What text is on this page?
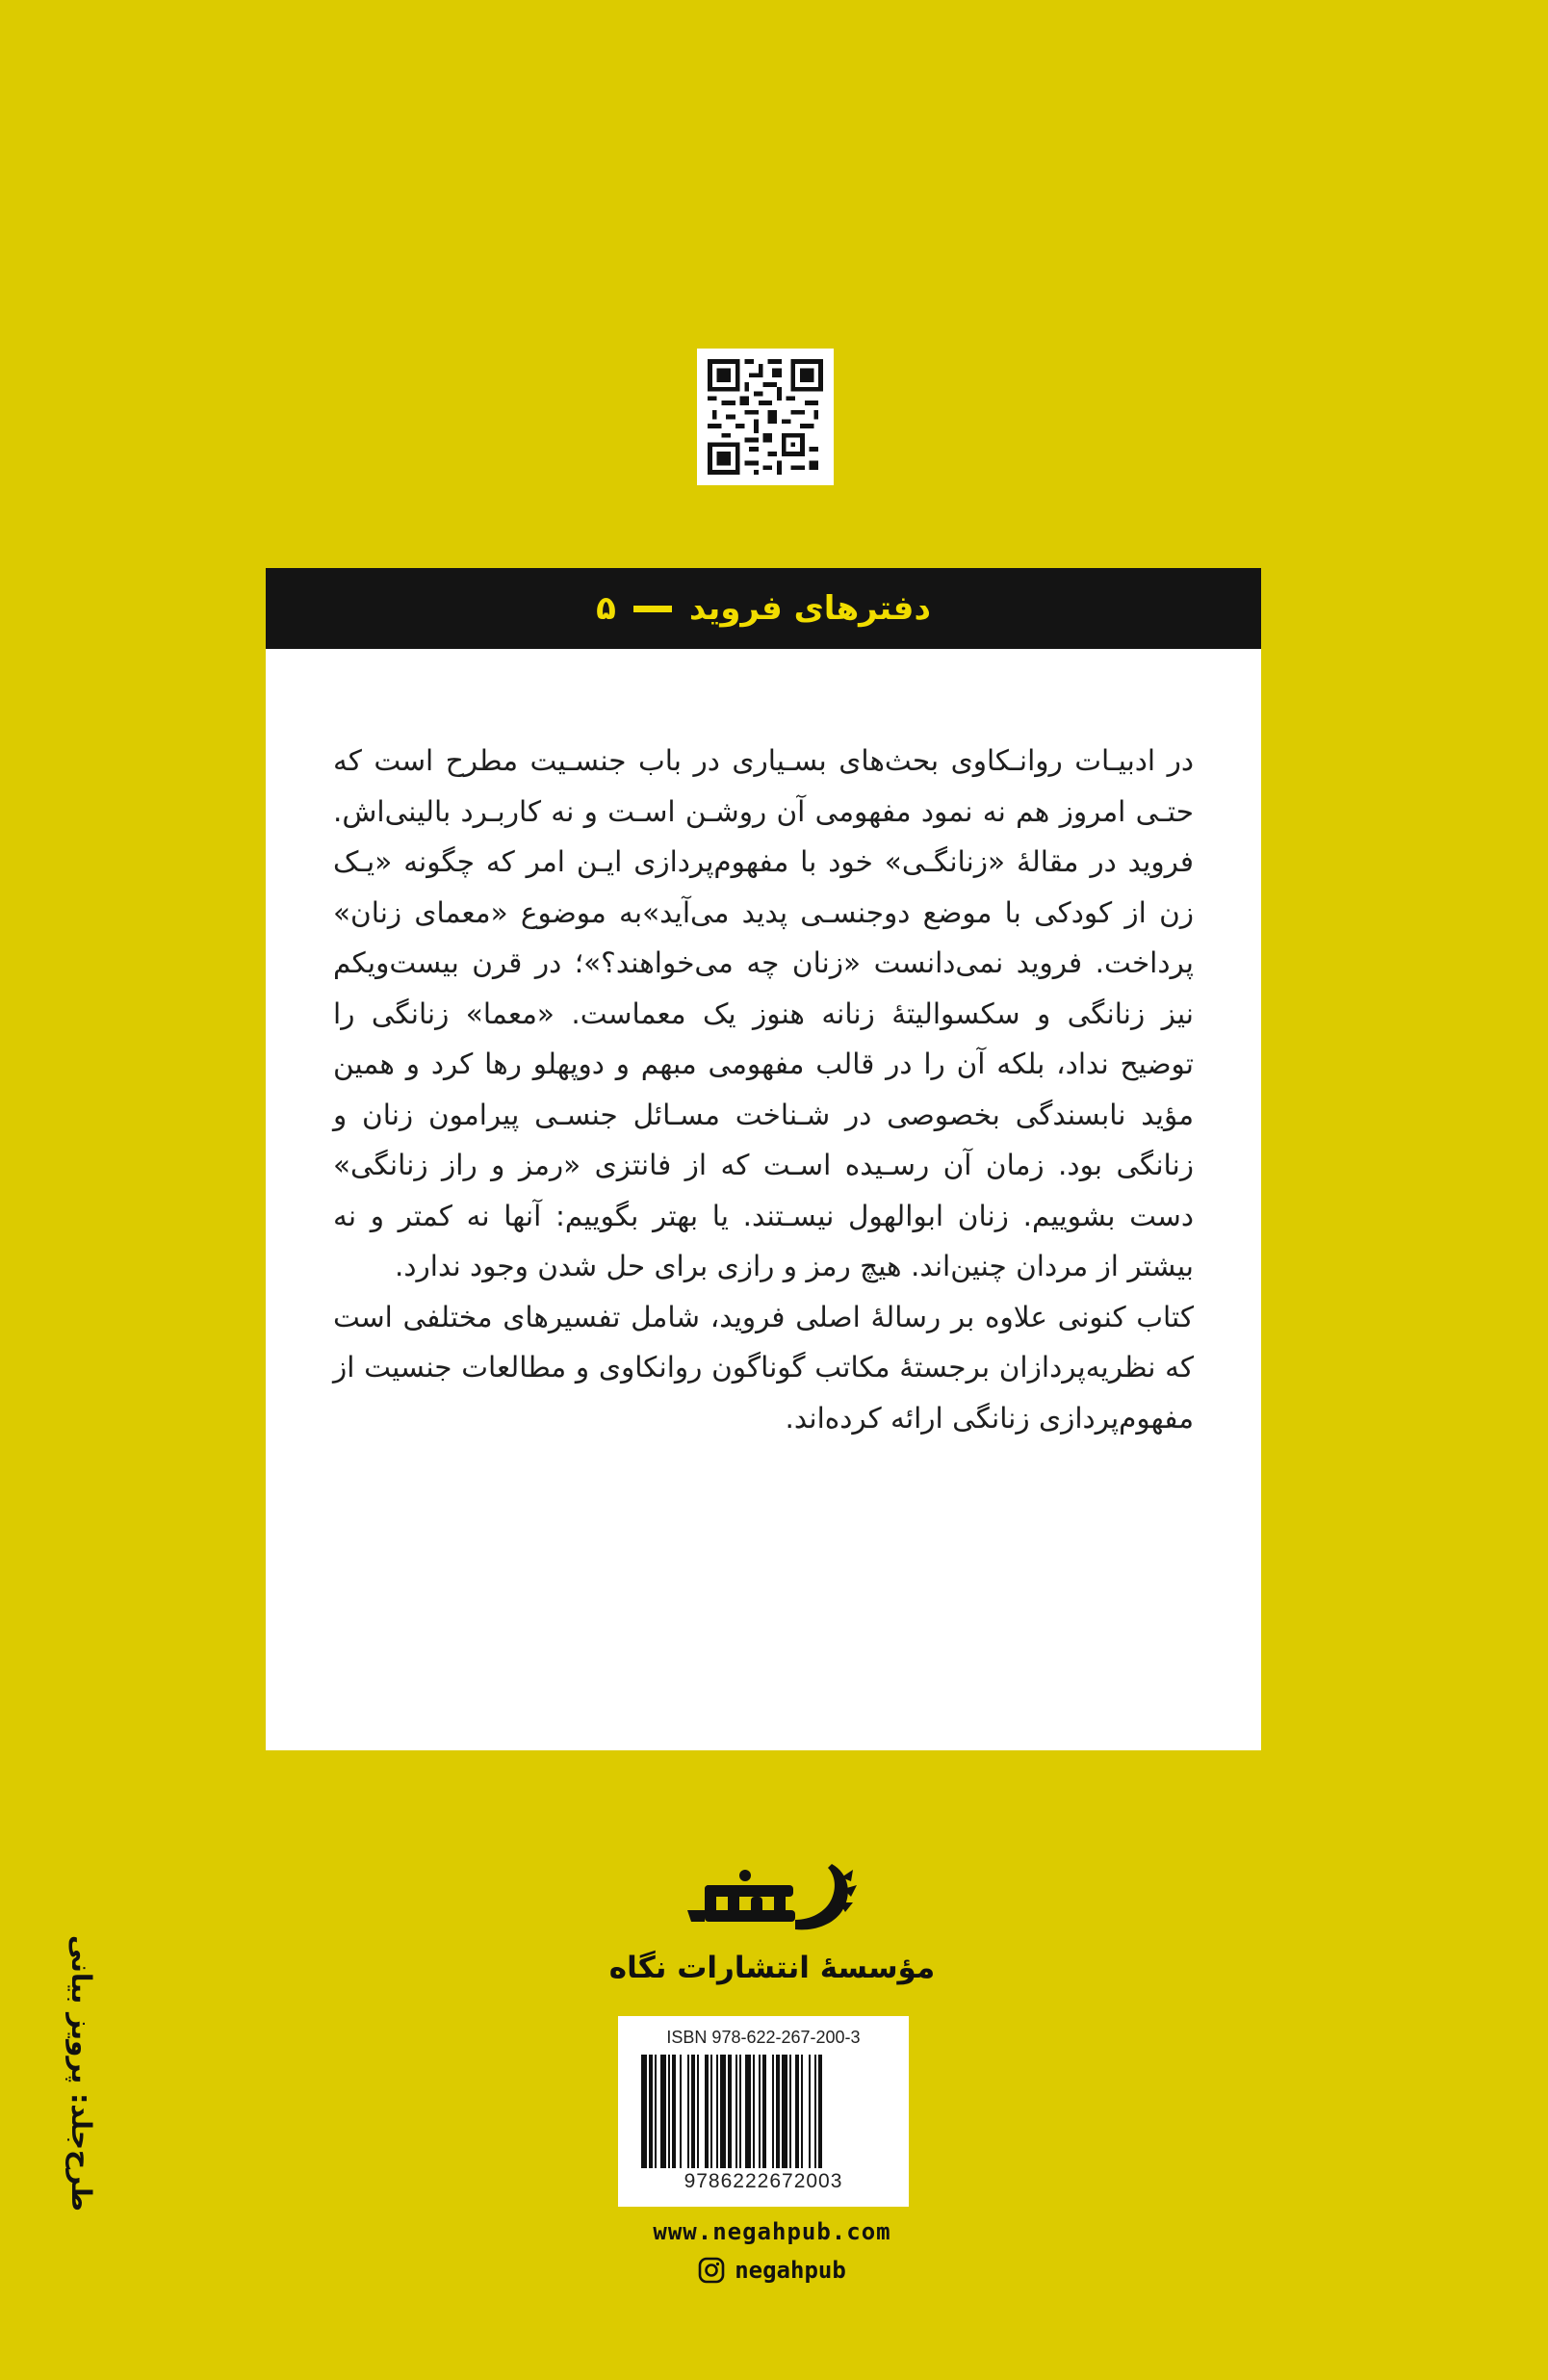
دفترهای فروید
۵

در ادبیـات روانـکاوی بحث‌های بسـیاری در باب جنسـیت مطرح است که حتـی امروز هم نه نمود مفهومی آن روشـن اسـت و نه کاربـرد بالینی‌اش. فروید در مقالهٔ «زنانگـی» خود با مفهوم‌پردازی ایـن امر که چگونه «یـک زن از کودکی با موضع دوجنسـی پدید می‌آید»به موضوع «معمای زنان» پرداخت. فروید نمی‌دانست «زنان چه می‌خواهند؟»؛ در قرن بیست‌ویکم نیز زنانگی و سکسوالیتهٔ زنانه هنوز یک معماست. «معما» زنانگی را توضیح نداد، بلکه آن را در قالب مفهومی مبهم و دوپهلو رها کرد و همین مؤید نابسندگی بخصوصی در شـناخت مسـائل جنسـی پیرامون زنان و زنانگی بود. زمان آن رسـیده اسـت که از فانتزی «رمز و راز زنانگی» دست بشوییم. زنان ابوالهول نیسـتند. یا بهتر بگوییم: آنها نه کمتر و نه بیشتر از مردان چنین‌اند. هیچ رمز و رازی برای حل شدن وجود ندارد.

کتاب کنونی علاوه بر رسالهٔ اصلی فروید، شامل تفسیرهای مختلفی است که نظریه‌پردازان برجستهٔ مکاتب گوناگون روانکاوی و مطالعات جنسیت از مفهوم‌پردازی زنانگی ارائه کرده‌اند.

مؤسسهٔ انتشارات نگاه
ISBN 978-622-267-200-3
9786222672003
www.negahpub.com
negahpub
طرح‌جلد: پرویز بیانی
